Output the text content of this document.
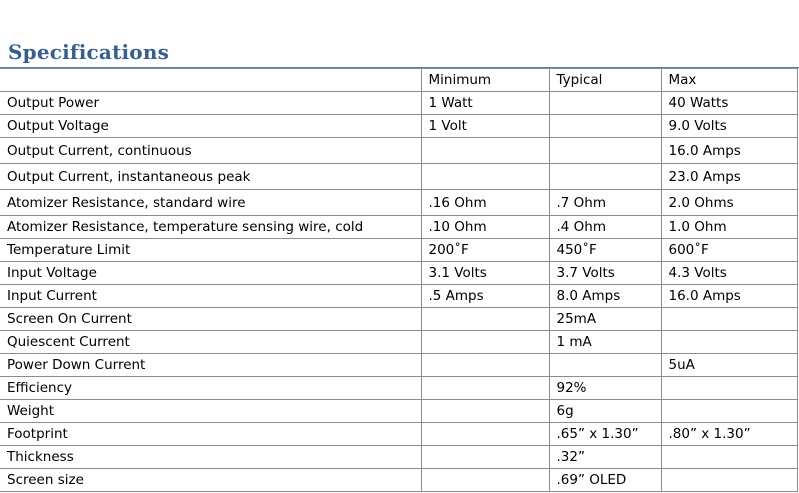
Specifications
	Minimum	Typical	Max
Output Power	1 Watt		40 Watts
Output Voltage	1 Volt		9.0 Volts
Output Current, continuous			16.0 Amps
Output Current, instantaneous peak			23.0 Amps
Atomizer Resistance, standard wire	.16 Ohm	.7 Ohm	2.0 Ohms
Atomizer Resistance, temperature sensing wire, cold	.10 Ohm	.4 Ohm	1.0 Ohm
Temperature Limit	200˚F	450˚F	600˚F
Input Voltage	3.1 Volts	3.7 Volts	4.3 Volts
Input Current	.5 Amps	8.0 Amps	16.0 Amps
Screen On Current		25mA	
Quiescent Current		1 mA	
Power Down Current			5uA
Efficiency		92%	
Weight		6g	
Footprint		.65” x 1.30”	.80” x 1.30”
Thickness		.32”	
Screen size		.69” OLED	
